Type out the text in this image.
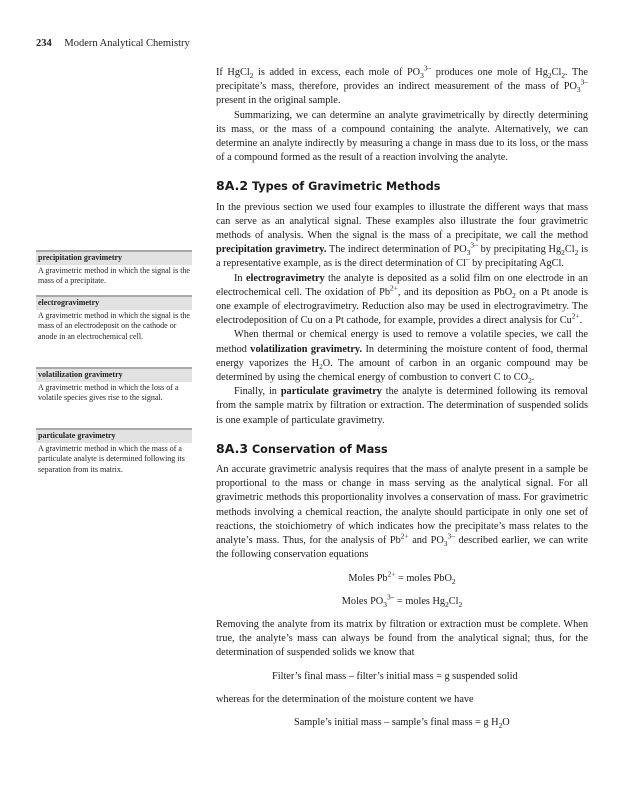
234 Modern Analytical Chemistry
precipitation gravimetry
A gravimetric method in which the signal is the mass of a precipitate.
electrogravimetry
A gravimetric method in which the signal is the mass of an electrodeposit on the cathode or anode in an electrochemical cell.
volatilization gravimetry
A gravimetric method in which the loss of a volatile species gives rise to the signal.
particulate gravimetry
A gravimetric method in which the mass of a particulate analyte is determined following its separation from its matrix.

If HgCl$_2$ is added in excess, each mole of $PO_3^{3-}$ produces one mole of $Hg_2Cl_2$. The precipitate’s mass, therefore, provides an indirect measurement of the mass of $PO_3^{3-}$ present in the original sample.

Summarizing, we can determine an analyte gravimetrically by directly determining its mass, or the mass of a compound containing the analyte. Alternatively, we can determine an analyte indirectly by measuring a change in mass due to its loss, or the mass of a compound formed as the result of a reaction involving the analyte.

8A.2 Types of Gravimetric Methods

In the previous section we used four examples to illustrate the different ways that mass can serve as an analytical signal. These examples also illustrate the four gravimetric methods of analysis. When the signal is the mass of a precipitate, we call the method precipitation gravimetry. The indirect determination of $PO_3^{3-}$ by precipitating $Hg_2Cl_2$ is a representative example, as is the direct determination of Cl– by precipitating AgCl.

In electrogravimetry the analyte is deposited as a solid film on one electrode in an electrochemical cell. The oxidation of $Pb^{2+}$, and its deposition as PbO$_2$ on a Pt anode is one example of electrogravimetry. Reduction also may be used in electrogravimetry. The electrodeposition of Cu on a Pt cathode, for example, provides a direct analysis for $Cu^{2+}$.

When thermal or chemical energy is used to remove a volatile species, we call the method volatilization gravimetry. In determining the moisture content of food, thermal energy vaporizes the $H_2O$. The amount of carbon in an organic compound may be determined by using the chemical energy of combustion to convert C to $CO_2$.

Finally, in particulate gravimetry the analyte is determined following its removal from the sample matrix by filtration or extraction. The determination of suspended solids is one example of particulate gravimetry.

8A.3 Conservation of Mass

An accurate gravimetric analysis requires that the mass of analyte present in a sample be proportional to the mass or change in mass serving as the analytical signal. For all gravimetric methods this proportionality involves a conservation of mass. For gravimetric methods involving a chemical reaction, the analyte should participate in only one set of reactions, the stoichiometry of which indicates how the precipitate’s mass relates to the analyte’s mass. Thus, for the analysis of $Pb^{2+}$ and $PO_3^{3-}$ described earlier, we can write the following conservation equations

Moles $Pb^{2+}$ = moles PbO$_2$
Moles $PO_3^{3-}$ = moles $Hg_2Cl_2$

Removing the analyte from its matrix by filtration or extraction must be complete. When true, the analyte’s mass can always be found from the analytical signal; thus, for the determination of suspended solids we know that

Filter’s final mass – filter’s initial mass = g suspended solid

whereas for the determination of the moisture content we have

Sample’s initial mass – sample’s final mass = g $H_2O$
